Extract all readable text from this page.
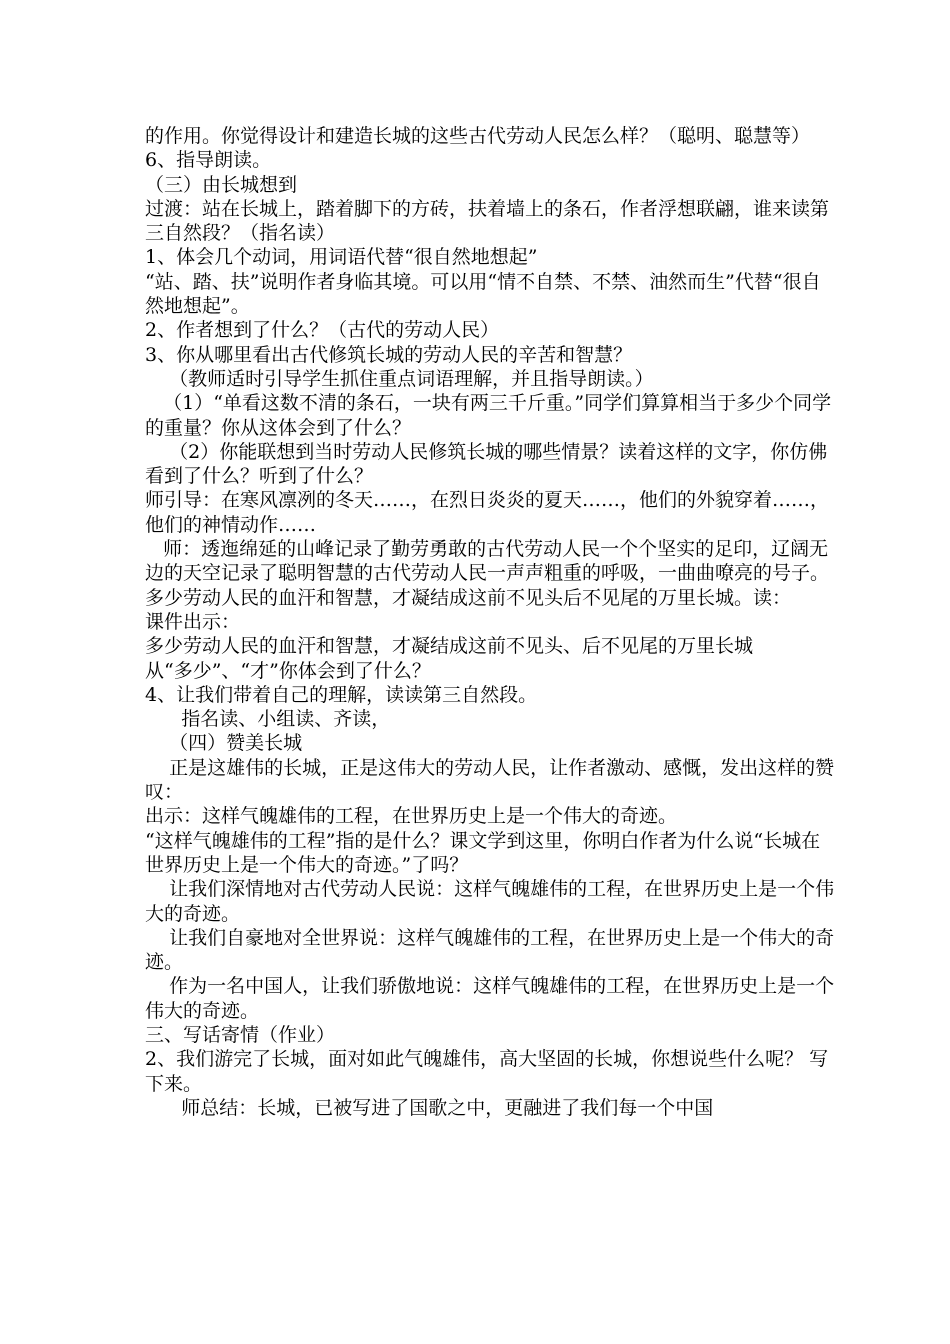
的作用。你觉得设计和建造长城的这些古代劳动人民怎么样？（聪明、聪慧等）

6、指导朗读。

（三）由长城想到

过渡：站在长城上，踏着脚下的方砖，扶着墙上的条石，作者浮想联翩，谁来读第三自然段？（指名读）

1、体会几个动词，用词语代替“很自然地想起”

“站、踏、扶”说明作者身临其境。可以用“情不自禁、不禁、油然而生”代替“很自然地想起”。

2、作者想到了什么？（古代的劳动人民）

3、你从哪里看出古代修筑长城的劳动人民的辛苦和智慧？

（教师适时引导学生抓住重点词语理解，并且指导朗读。）

（1）“单看这数不清的条石，一块有两三千斤重。”同学们算算相当于多少个同学的重量？你从这体会到了什么？

（2）你能联想到当时劳动人民修筑长城的哪些情景？读着这样的文字，你仿佛看到了什么？听到了什么？

师引导：在寒风凛冽的冬天……，在烈日炎炎的夏天……，他们的外貌穿着……，他们的神情动作……

师：透迤绵延的山峰记录了勤劳勇敢的古代劳动人民一个个坚实的足印，辽阔无边的天空记录了聪明智慧的古代劳动人民一声声粗重的呼吸，一曲曲嘹亮的号子。多少劳动人民的血汗和智慧，才凝结成这前不见头后不见尾的万里长城。读：

课件出示：

多少劳动人民的血汗和智慧，才凝结成这前不见头、后不见尾的万里长城

从“多少”、“才”你体会到了什么？

4、让我们带着自己的理解，读读第三自然段。

指名读、小组读、齐读，

（四）赞美长城

正是这雄伟的长城，正是这伟大的劳动人民，让作者激动、感慨，发出这样的赞叹：

出示：这样气魄雄伟的工程，在世界历史上是一个伟大的奇迹。

“这样气魄雄伟的工程”指的是什么？课文学到这里，你明白作者为什么说“长城在世界历史上是一个伟大的奇迹。”了吗？

让我们深情地对古代劳动人民说：这样气魄雄伟的工程，在世界历史上是一个伟大的奇迹。

让我们自豪地对全世界说：这样气魄雄伟的工程，在世界历史上是一个伟大的奇迹。

作为一名中国人，让我们骄傲地说：这样气魄雄伟的工程，在世界历史上是一个伟大的奇迹。

三、写话寄情（作业）

2、我们游完了长城，面对如此气魄雄伟，高大坚固的长城，你想说些什么呢？ 写下来。

师总结：长城，已被写进了国歌之中，更融进了我们每一个中国
